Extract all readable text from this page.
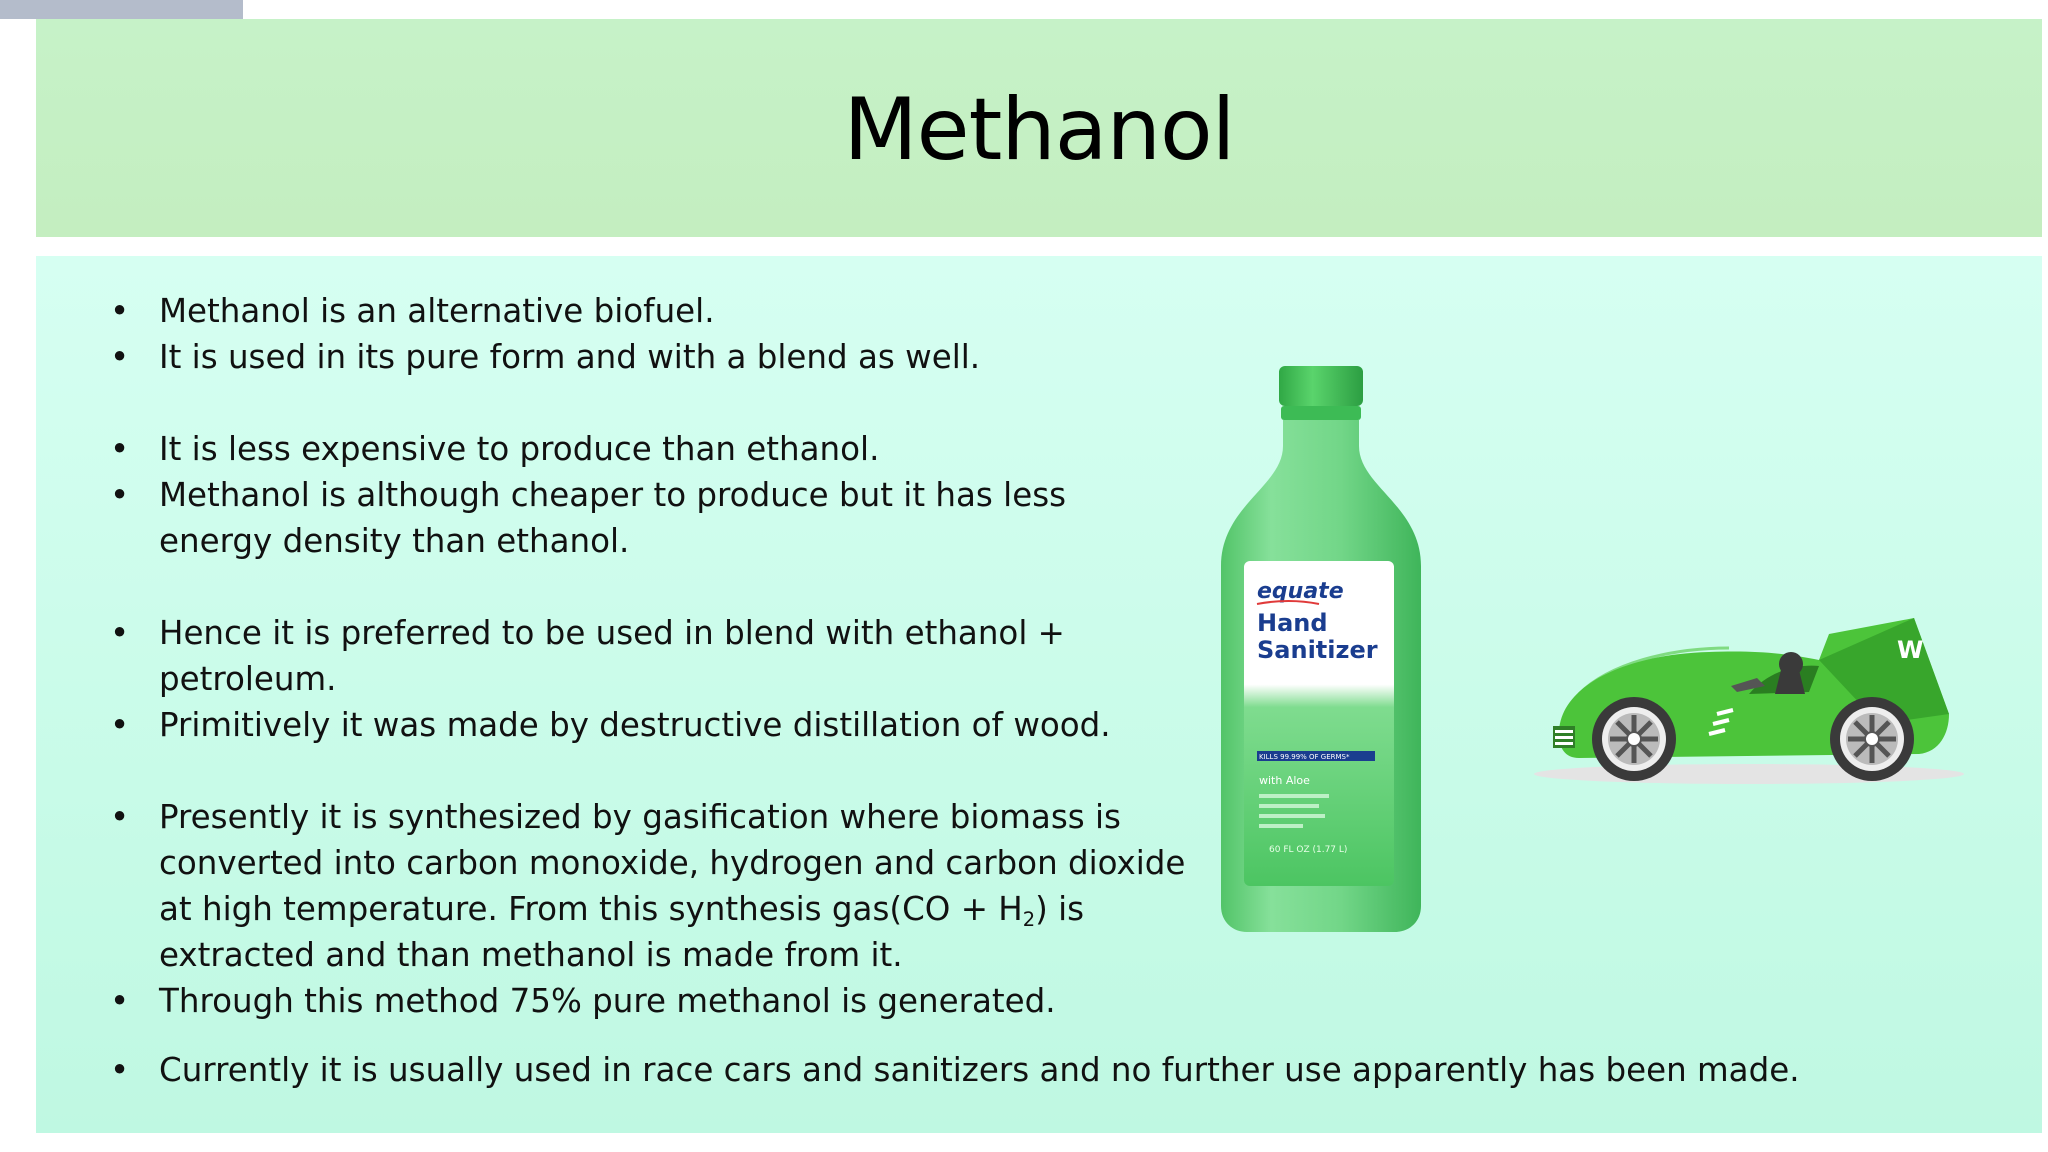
Methanol
• Methanol is an alternative biofuel.
• It is used in its pure form and with a blend as well.
• It is less expensive to produce than ethanol.
• Methanol is although cheaper to produce but it has less
energy density than ethanol.
• Hence it is preferred to be used in blend with ethanol +
petroleum.
• Primitively it was made by destructive distillation of wood.
• Presently it is synthesized by gasification where biomass is
converted into carbon monoxide, hydrogen and carbon dioxide
at high temperature. From this synthesis $gas(CO + H_2)$ is
extracted and than methanol is made from it.
• Through this method 75% pure methanol is generated.
• Currently it is usually used in race cars and sanitizers and no further use apparently has been made.
equate
Hand
Sanitizer
KILLS 99.99% OF GERMS*
with Aloe
60 FL OZ (1.77 L)
W
